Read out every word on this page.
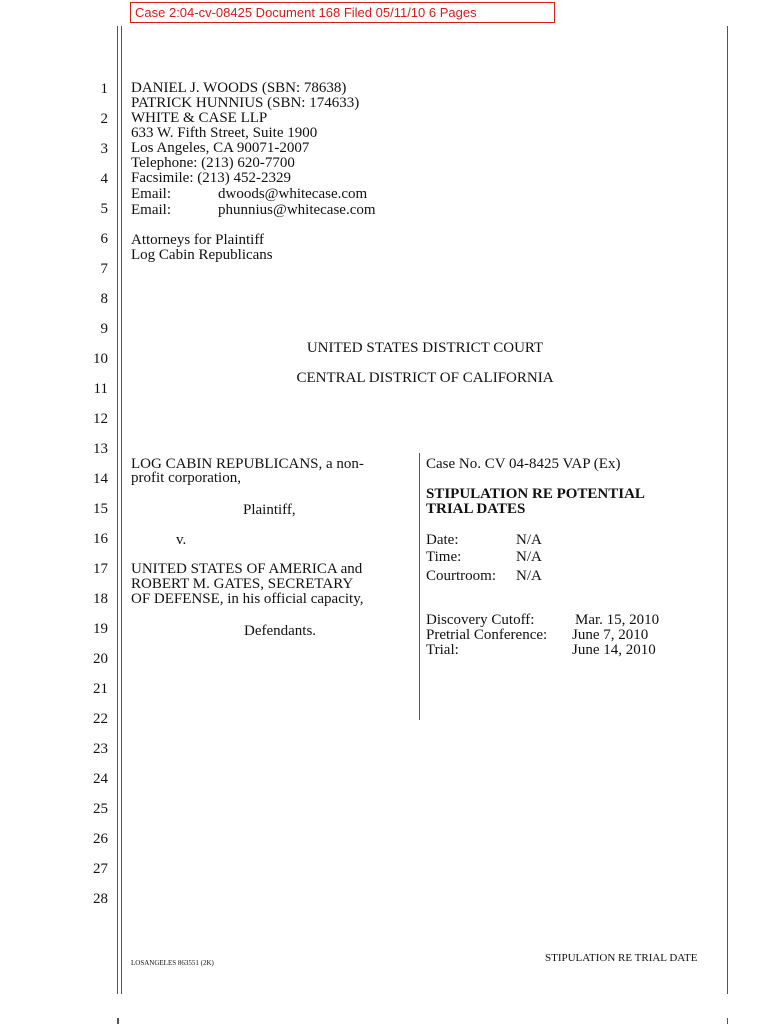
Case 2:04-cv-08425 Document 168 Filed 05/11/10 6 Pages
1
2
3
4
5
6
7
8
9
10
11
12
13
14
15
16
17
18
19
20
21
22
23
24
25
26
27
28
DANIEL J. WOODS (SBN: 78638)
PATRICK HUNNIUS (SBN: 174633)
WHITE & CASE LLP
633 W. Fifth Street, Suite 1900
Los Angeles, CA 90071-2007
Telephone: (213) 620-7700
Facsimile: (213) 452-2329
Email:	dwoods@whitecase.com
Email:	phunnius@whitecase.com
Attorneys for Plaintiff
Log Cabin Republicans
UNITED STATES DISTRICT COURT
CENTRAL DISTRICT OF CALIFORNIA
LOG CABIN REPUBLICANS, a non-
profit corporation,
Plaintiff,
v.
UNITED STATES OF AMERICA and
ROBERT M. GATES, SECRETARY
OF DEFENSE, in his official capacity,
Defendants.
Case No. CV 04-8425 VAP (Ex)
STIPULATION RE POTENTIAL
TRIAL DATES
Date:	N/A
Time:	N/A
Courtroom: N/A
Discovery Cutoff:	Mar. 15, 2010
Pretrial Conference: June 7, 2010
Trial:	June 14, 2010
LOSANGELES 863551 (2K)	STIPULATION RE TRIAL DATE
